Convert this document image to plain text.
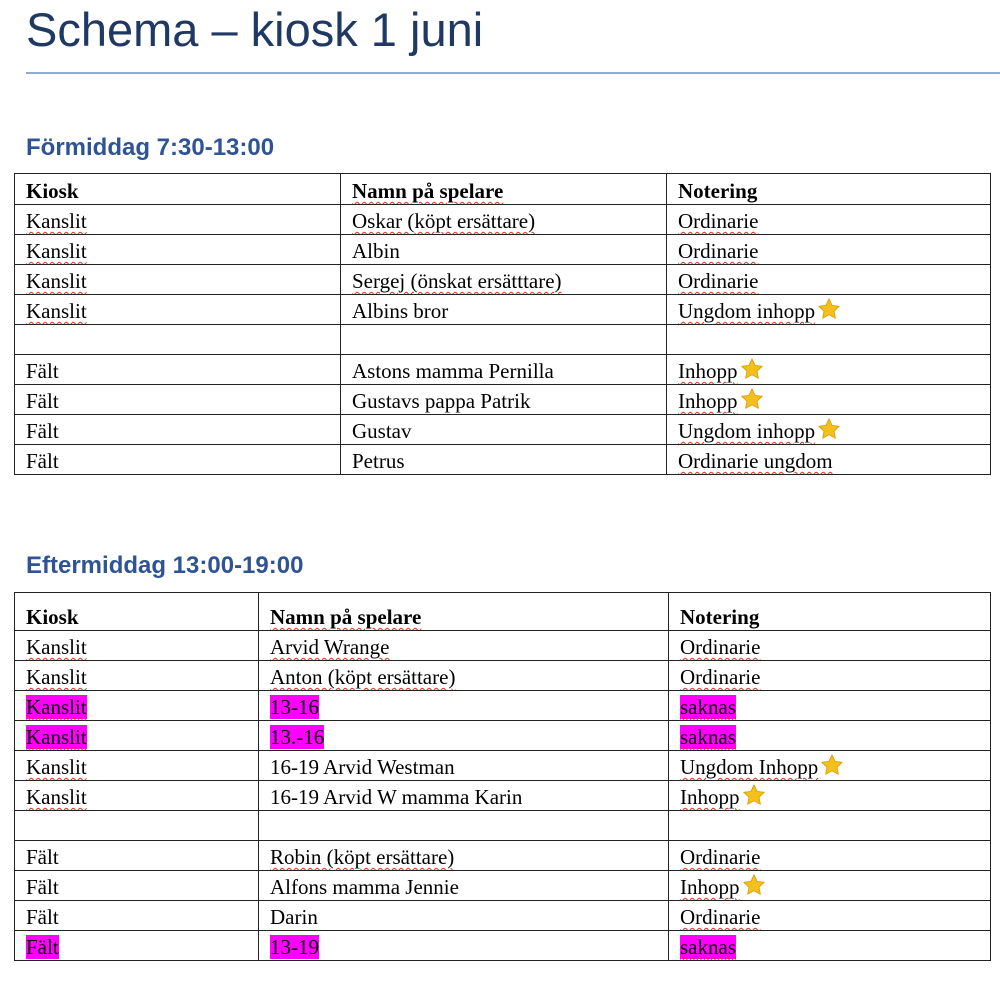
Schema – kiosk 1 juni
Förmiddag 7:30-13:00
Kiosk	Namn på spelare	Notering
Kanslit	Oskar (köpt ersättare)	Ordinarie
Kanslit	Albin	Ordinarie
Kanslit	Sergej (önskat ersätttare)	Ordinarie
Kanslit	Albins bror	Ungdom inhopp

Fält	Astons mamma Pernilla	Inhopp
Fält	Gustavs pappa Patrik	Inhopp
Fält	Gustav	Ungdom inhopp
Fält	Petrus	Ordinarie ungdom
Eftermiddag 13:00-19:00
Kiosk	Namn på spelare	Notering
Kanslit	Arvid Wrange	Ordinarie
Kanslit	Anton (köpt ersättare)	Ordinarie
Kanslit	13-16	saknas
Kanslit	13.-16	saknas
Kanslit	16-19 Arvid Westman	Ungdom Inhopp
Kanslit	16-19 Arvid W mamma Karin	Inhopp

Fält	Robin (köpt ersättare)	Ordinarie
Fält	Alfons mamma Jennie	Inhopp
Fält	Darin	Ordinarie
Fält	13-19	saknas
